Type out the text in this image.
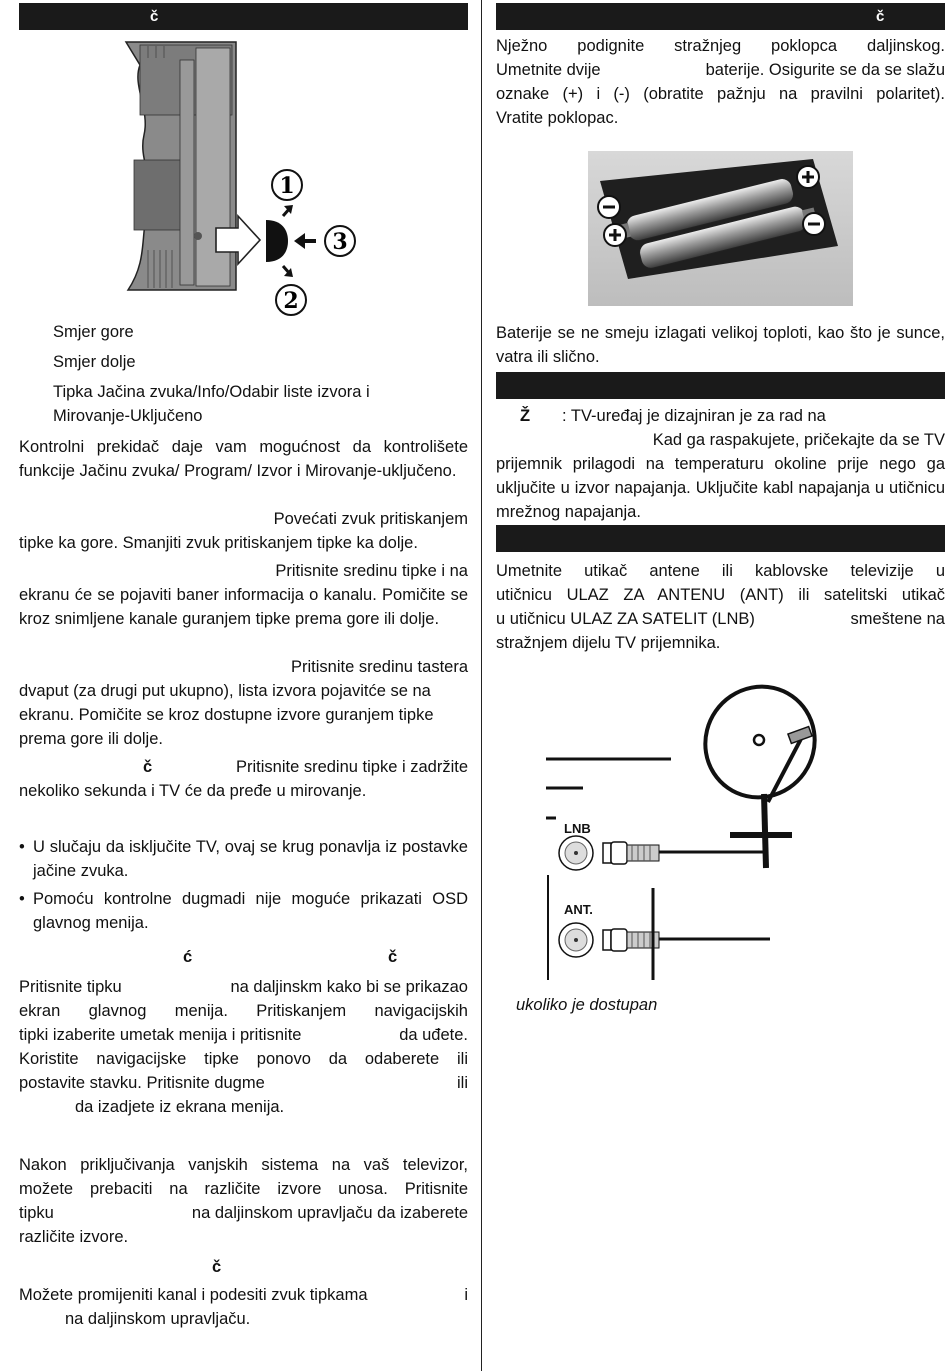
č
1
3
2
Smjer gore
Smjer dolje
Tipka Jačina zvuka/Info/Odabir liste izvora i
Mirovanje-Uključeno
Kontrolni prekidač daje vam mogućnost da kontrolišete funkcije Jačinu zvuka/ Program/ Izvor i Mirovanje-uključeno.
Povećati zvuk pritiskanjem
tipke ka gore. Smanjiti zvuk pritiskanjem tipke ka dolje.
Pritisnite sredinu tipke i na
ekranu će se pojaviti baner informacija o kanalu. Pomičite se kroz snimljene kanale guranjem tipke prema gore ili dolje.
Pritisnite sredinu tastera
dvaput (za drugi put ukupno), lista izvora pojavitće se na ekranu. Pomičite se kroz dostupne izvore guranjem tipke prema gore ili dolje.
č	Pritisnite sredinu tipke i zadržite
nekoliko sekunda i TV će da pređe u mirovanje.
• U slučaju da isključite TV, ovaj se krug ponavlja iz postavke jačine zvuka.
• Pomoću kontrolne dugmadi nije moguće prikazati OSD glavnog menija.
ć	č
Pritisnite tipku	na daljinskm kako bi se prikazao
ekran glavnog menija. Pritiskanjem navigacijskih
tipki izaberite umetak menija i pritisnite	da uđete.
Koristite navigacijske tipke ponovo da odaberete ili
postavite stavku. Pritisnite dugme	ili
da izadjete iz ekrana menija.
Nakon priključivanja vanjskih sistema na vaš televizor,
možete prebaciti na različite izvore unosa. Pritisnite
tipku	na daljinskom upravljaču da izaberete
različite izvore.
č
Možete promijeniti kanal i podesiti zvuk tipkama	i
na daljinskom upravljaču.
č
Nježno podignite stražnjeg poklopca daljinskog.
Umetnite dvije	baterije. Osigurite se da se slažu
oznake (+) i (-) (obratite pažnju na pravilni polaritet).
Vratite poklopac.
Baterije se ne smeju izlagati velikoj toploti, kao što je sunce, vatra ili slično.
Ž : TV-uređaj je dizajniran je za rad na
Kad ga raspakujete, pričekajte da se TV
prijemnik prilagodi na temperaturu okoline prije nego ga uključite u izvor napajanja. Uključite kabl napajanja u utičnicu mrežnog napajanja.
Umetnite utikač antene ili kablovske televizije u
utičnicu ULAZ ZA ANTENU (ANT) ili satelitski utikač
u utičnicu ULAZ ZA SATELIT (LNB)	smeštene na
stražnjem dijelu TV prijemnika.
LNB
ANT.
ukoliko je dostupan
